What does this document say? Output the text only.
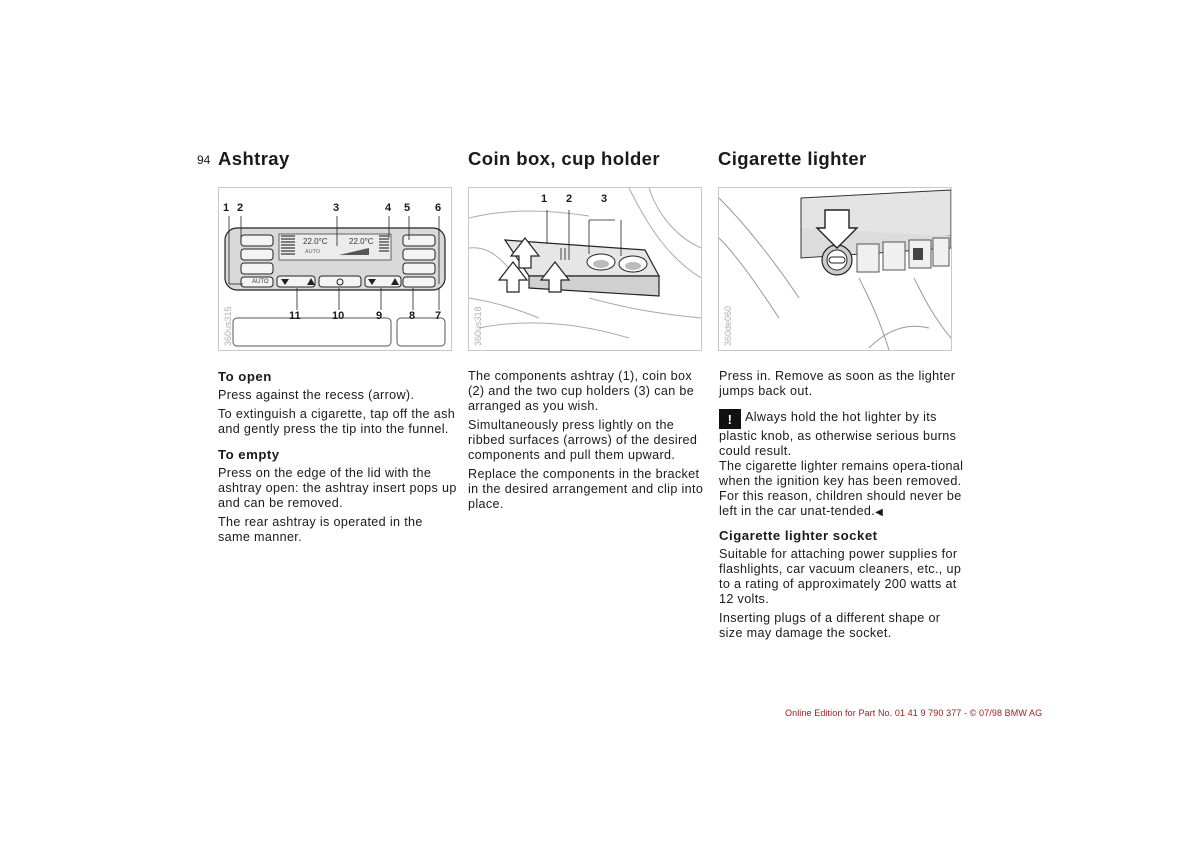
94 Ashtray
1 2	3	4 5 6
11	10	9 8 7
22.0°C	22.0°C
AUTO
AUTO
360us315
To open

Press against the recess (arrow).

To extinguish a cigarette, tap off the ash and gently press the tip into the funnel.

To empty

Press on the edge of the lid with the ashtray open: the ashtray insert pops up and can be removed.

The rear ashtray is operated in the same manner.

Coin box, cup holder
1 2	3
360us318

The components ashtray (1), coin box (2) and the two cup holders (3) can be arranged as you wish.

Simultaneously press lightly on the ribbed surfaces (arrows) of the desired components and pull them upward.

Replace the components in the bracket in the desired arrangement and clip into place.

Cigarette lighter
360de060

Press in. Remove as soon as the lighter jumps back out.

! Always hold the hot lighter by its plastic knob, as otherwise serious burns could result.

The cigarette lighter remains opera-tional when the ignition key has been removed. For this reason, children should never be left in the car unat-tended.◀

Cigarette lighter socket

Suitable for attaching power supplies for flashlights, car vacuum cleaners, etc., up to a rating of approximately 200 watts at 12 volts.

Inserting plugs of a different shape or size may damage the socket.

Online Edition for Part No. 01 41 9 790 377 - © 07/98 BMW AG
